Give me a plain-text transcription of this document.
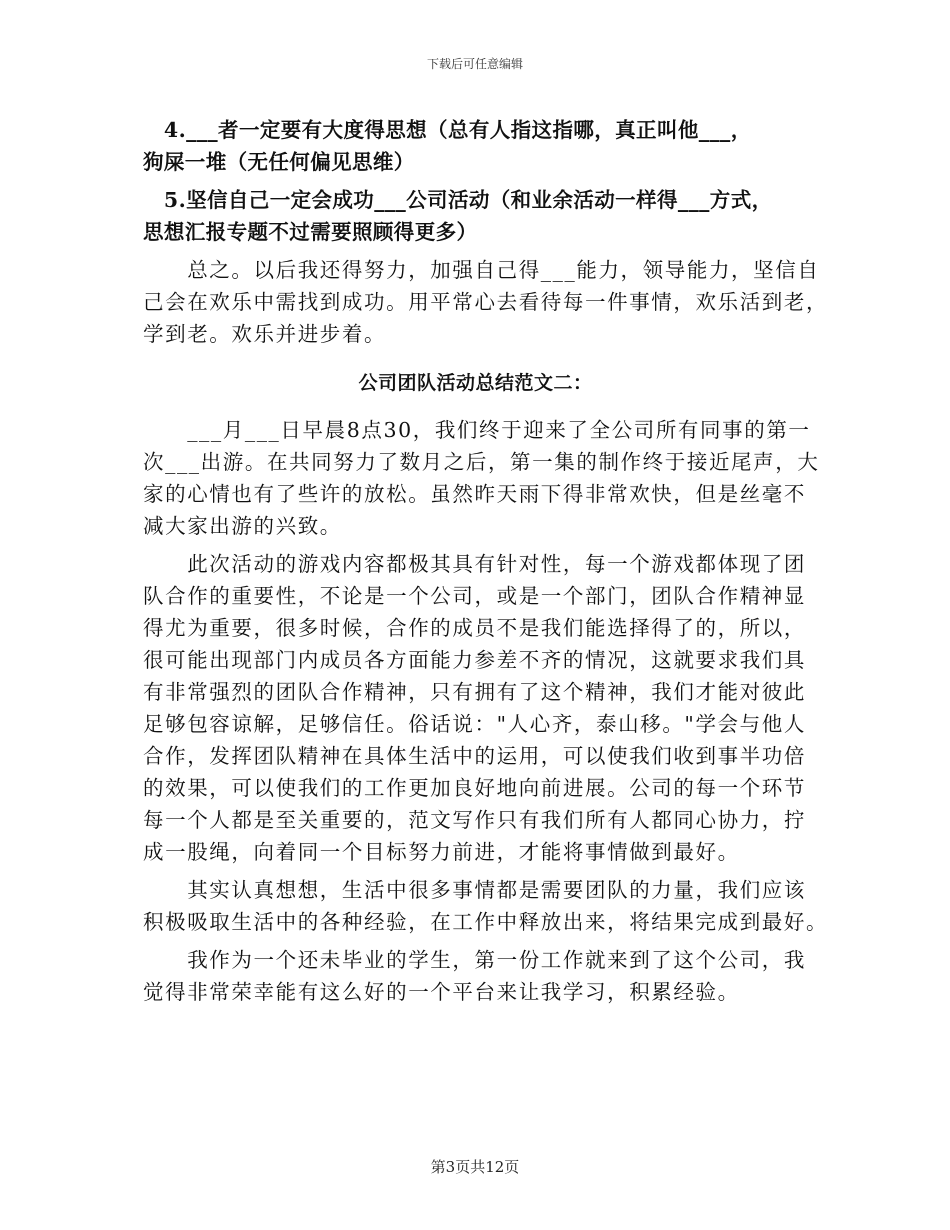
下载后可任意编辑
　4.___者一定要有大度得思想（总有人指这指哪，真正叫他___，
狗屎一堆（无任何偏见思维）
　5.坚信自己一定会成功___公司活动（和业余活动一样得___方式，
思想汇报专题不过需要照顾得更多）
　　总之。以后我还得努力，加强自己得___能力，领导能力，坚信自
己会在欢乐中需找到成功。用平常心去看待每一件事情，欢乐活到老，
学到老。欢乐并进步着。
公司团队活动总结范文二：
　　___月___日早晨8点30，我们终于迎来了全公司所有同事的第一
次___出游。在共同努力了数月之后，第一集的制作终于接近尾声，大
家的心情也有了些许的放松。虽然昨天雨下得非常欢快，但是丝毫不
减大家出游的兴致。
　　此次活动的游戏内容都极其具有针对性，每一个游戏都体现了团
队合作的重要性，不论是一个公司，或是一个部门，团队合作精神显
得尤为重要，很多时候，合作的成员不是我们能选择得了的，所以，
很可能出现部门内成员各方面能力参差不齐的情况，这就要求我们具
有非常强烈的团队合作精神，只有拥有了这个精神，我们才能对彼此
足够包容谅解，足够信任。俗话说："人心齐，泰山移。"学会与他人
合作，发挥团队精神在具体生活中的运用，可以使我们收到事半功倍
的效果，可以使我们的工作更加良好地向前进展。公司的每一个环节
每一个人都是至关重要的，范文写作只有我们所有人都同心协力，拧
成一股绳，向着同一个目标努力前进，才能将事情做到最好。
　　其实认真想想，生活中很多事情都是需要团队的力量，我们应该
积极吸取生活中的各种经验，在工作中释放出来，将结果完成到最好。
　　我作为一个还未毕业的学生，第一份工作就来到了这个公司，我
觉得非常荣幸能有这么好的一个平台来让我学习，积累经验。
第3页共12页
